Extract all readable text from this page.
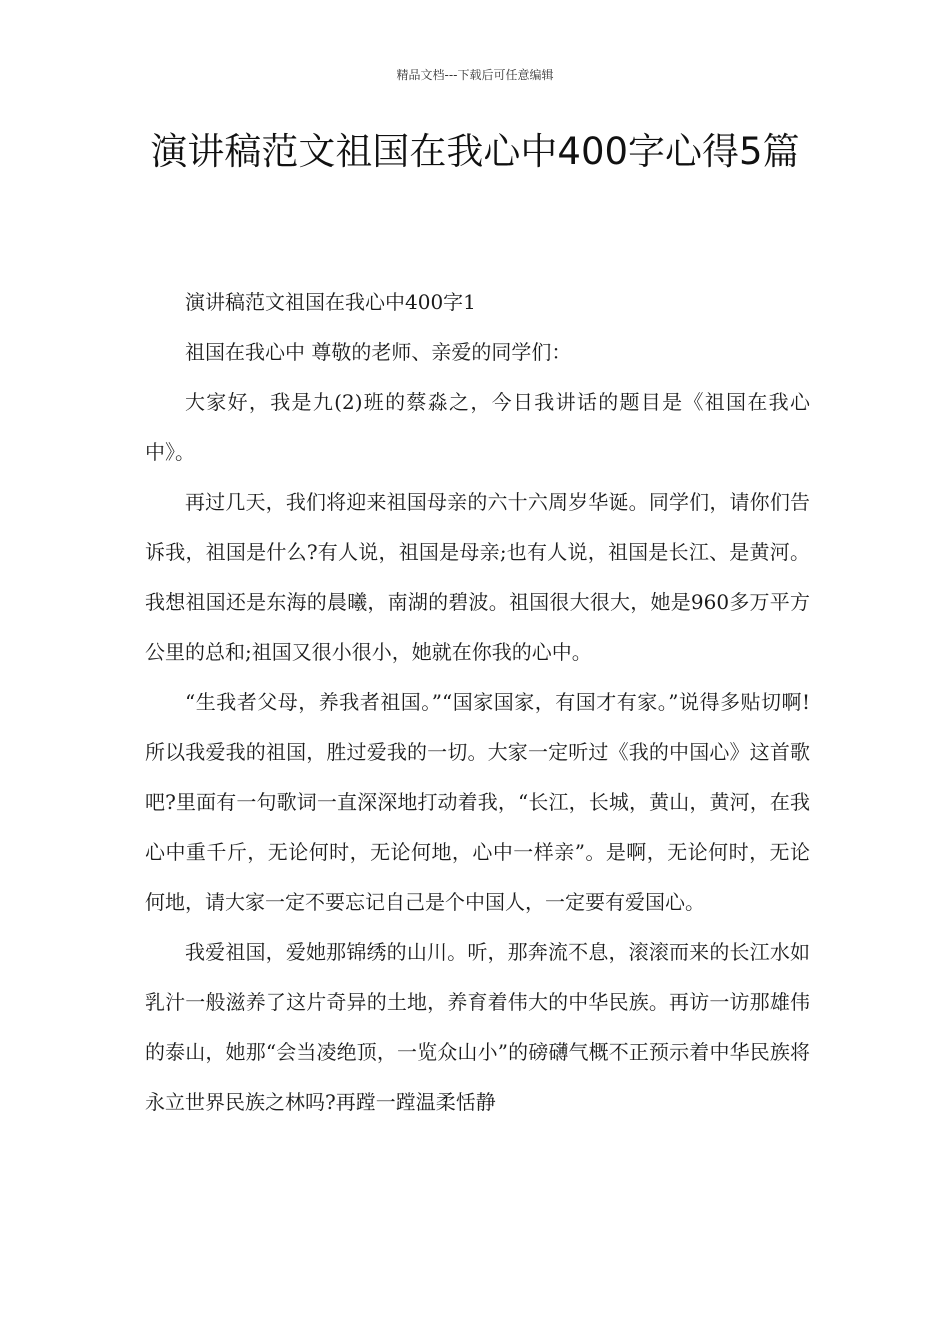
精品文档---下载后可任意编辑
演讲稿范文祖国在我心中400字心得5篇

演讲稿范文祖国在我心中400字1

祖国在我心中 尊敬的老师、亲爱的同学们：

大家好，我是九(2)班的蔡淼之，今日我讲话的题目是《祖国在我心中》。

再过几天，我们将迎来祖国母亲的六十六周岁华诞。同学们，请你们告诉我，祖国是什么?有人说，祖国是母亲;也有人说，祖国是长江、是黄河。我想祖国还是东海的晨曦，南湖的碧波。祖国很大很大，她是960多万平方公里的总和;祖国又很小很小，她就在你我的心中。

“生我者父母，养我者祖国。”“国家国家，有国才有家。”说得多贴切啊!所以我爱我的祖国，胜过爱我的一切。大家一定听过《我的中国心》这首歌吧?里面有一句歌词一直深深地打动着我，“长江，长城，黄山，黄河，在我心中重千斤，无论何时，无论何地，心中一样亲”。是啊，无论何时，无论何地，请大家一定不要忘记自己是个中国人，一定要有爱国心。

我爱祖国，爱她那锦绣的山川。听，那奔流不息，滚滚而来的长江水如乳汁一般滋养了这片奇异的土地，养育着伟大的中华民族。再访一访那雄伟的泰山，她那“会当凌绝顶，一览众山小”的磅礴气概不正预示着中华民族将永立世界民族之林吗?再蹚一蹚温柔恬静
